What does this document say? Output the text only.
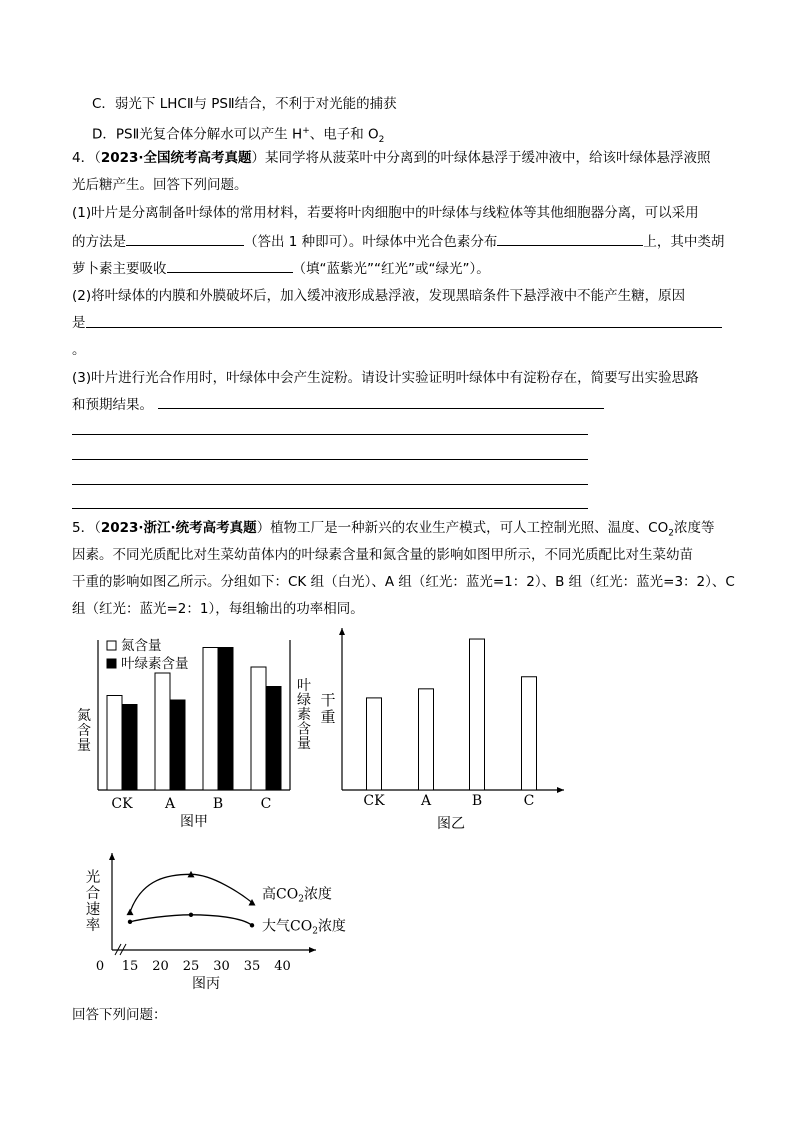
C．弱光下 LHCⅡ与 PSⅡ结合，不利于对光能的捕获
D．PSⅡ光复合体分解水可以产生 H+、电子和 $O_2$
4．（2023·全国统考高考真题）某同学将从菠菜叶中分离到的叶绿体悬浮于缓冲液中，给该叶绿体悬浮液照
光后糖产生。回答下列问题。
(1)叶片是分离制备叶绿体的常用材料，若要将叶肉细胞中的叶绿体与线粒体等其他细胞器分离，可以采用
的方法是	（答出 1 种即可）。叶绿体中光合色素分布	上，其中类胡
萝卜素主要吸收	（填“蓝紫光”“红光”或“绿光”）。
(2)将叶绿体的内膜和外膜破坏后，加入缓冲液形成悬浮液，发现黑暗条件下悬浮液中不能产生糖，原因
是
。
(3)叶片进行光合作用时，叶绿体中会产生淀粉。请设计实验证明叶绿体中有淀粉存在，简要写出实验思路
和预期结果。
5．（2023·浙江·统考高考真题）植物工厂是一种新兴的农业生产模式，可人工控制光照、温度、$CO_2$浓度等
因素。不同光质配比对生菜幼苗体内的叶绿素含量和氮含量的影响如图甲所示，不同光质配比对生菜幼苗
干重的影响如图乙所示。分组如下：CK 组（白光）、A 组（红光：蓝光=1：2）、B 组（红光：蓝光=3：2）、C
组（红光：蓝光=2：1），每组输出的功率相同。
CK A	B	C
氮含量
叶绿素含量
氮
含
量
叶
绿
素
含
量
图甲
CK	A	B	C
干
重
图乙
0 15 20 25 30 35 40
高$CO_2$浓度
大气$CO_2$浓度
光
合
速
率
图丙
回答下列问题：
